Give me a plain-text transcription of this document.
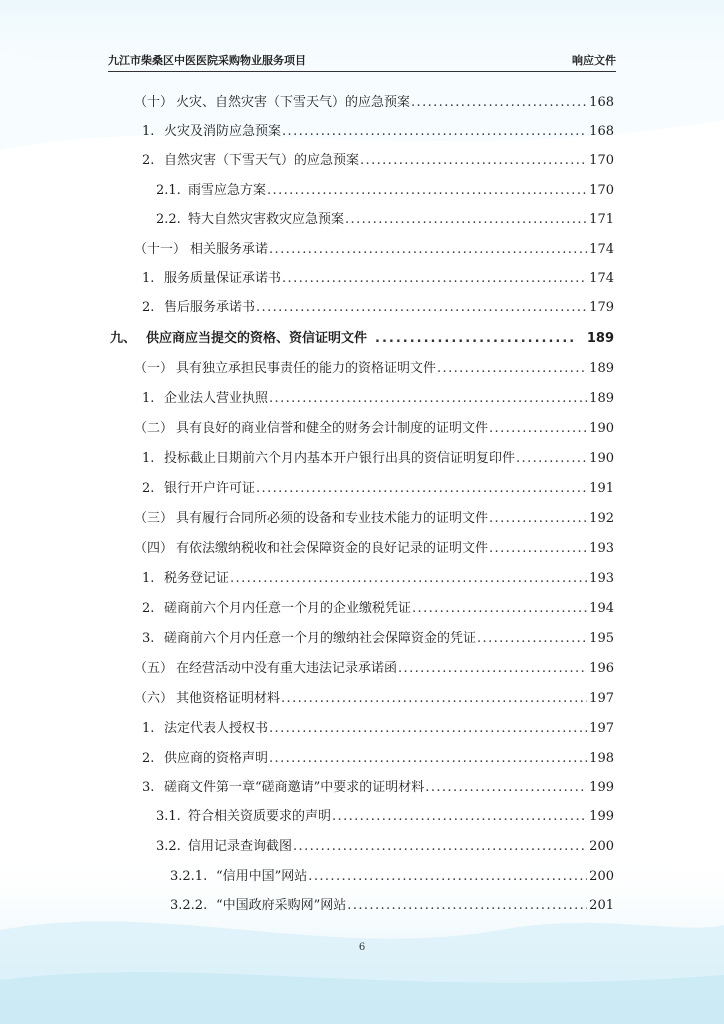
九江市柴桑区中医医院采购物业服务项目	响应文件
（十） 火灾、自然灾害（下雪天气）的应急预案 .....	168
1. 火灾及消防应急预案 .....	168
2. 自然灾害（下雪天气）的应急预案 .....	170
2.1. 雨雪应急方案 .....	170
2.2. 特大自然灾害救灾应急预案 .....	171
（十一） 相关服务承诺 .....	174
1. 服务质量保证承诺书 .....	174
2. 售后服务承诺书 .....	179
九、 供应商应当提交的资格、资信证明文件 .....	189
（一） 具有独立承担民事责任的能力的资格证明文件 .....	189
1. 企业法人营业执照 .....	189
（二） 具有良好的商业信誉和健全的财务会计制度的证明文件 .....	190
1. 投标截止日期前六个月内基本开户银行出具的资信证明复印件 .....	190
2. 银行开户许可证 .....	191
（三） 具有履行合同所必须的设备和专业技术能力的证明文件 .....	192
（四） 有依法缴纳税收和社会保障资金的良好记录的证明文件 .....	193
1. 税务登记证 .....	193
2. 磋商前六个月内任意一个月的企业缴税凭证 .....	194
3. 磋商前六个月内任意一个月的缴纳社会保障资金的凭证 .....	195
（五） 在经营活动中没有重大违法记录承诺函 .....	196
（六） 其他资格证明材料 .....	197
1. 法定代表人授权书 .....	197
2. 供应商的资格声明 .....	198
3. 磋商文件第一章“磋商邀请”中要求的证明材料 .....	199
3.1. 符合相关资质要求的声明 .....	199
3.2. 信用记录查询截图 .....	200
3.2.1. “信用中国”网站 .....	200
3.2.2. “中国政府采购网”网站 .....	201
6
